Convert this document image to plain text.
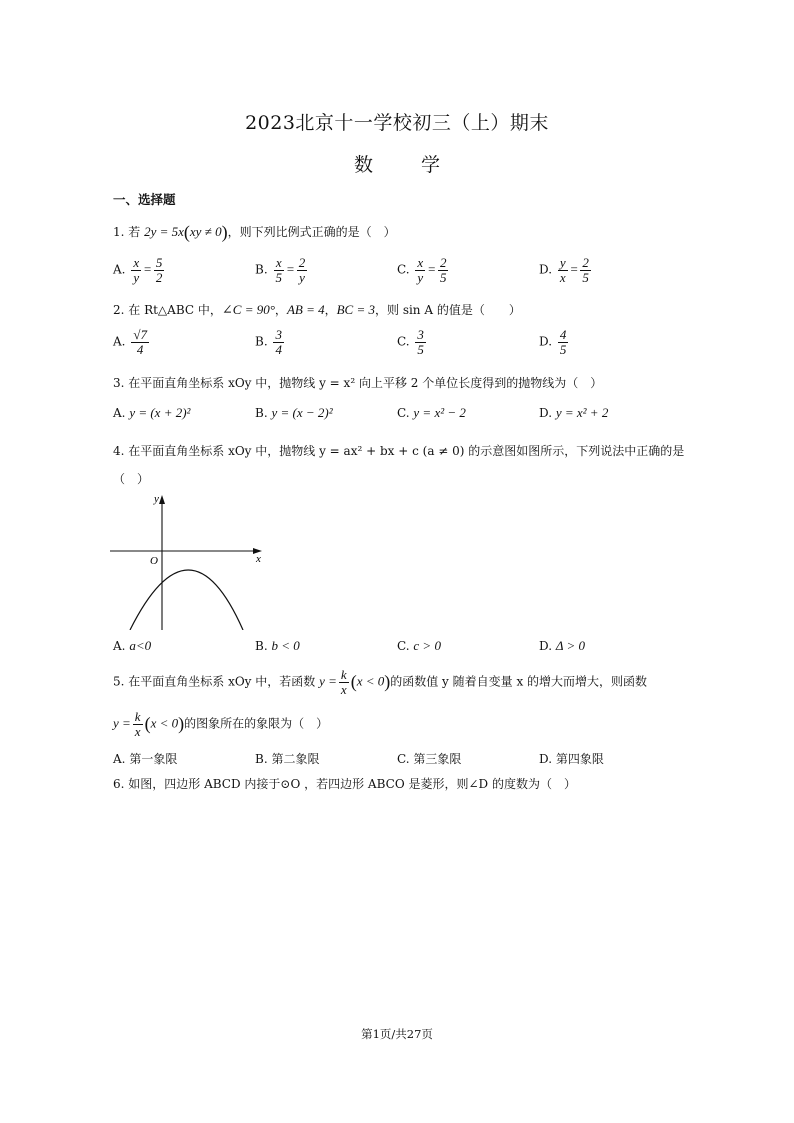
2023北京十一学校初三（上）期末
数	学
一、选择题
1. 若 2y = 5x(xy ≠ 0)，则下列比例式正确的是（　）
A. $\frac{x}{y} = \frac{5}{2}$	B. $\frac{x}{5} = \frac{2}{y}$	C. $\frac{x}{y} = \frac{2}{5}$	D. $\frac{y}{x} = \frac{2}{5}$
2. 在 Rt△ABC 中，∠C = 90°，AB = 4，BC = 3，则 sin A 的值是（　　）
A. $\frac{√7}{4}$	B. $\frac{3}{4}$	C. $\frac{3}{5}$	D. $\frac{4}{5}$
3. 在平面直角坐标系 xOy 中，抛物线 y = x² 向上平移 2 个单位长度得到的抛物线为（　）
A. y = (x + 2)²	B. y = (x − 2)²	C. y = x² − 2	D. y = x² + 2
4. 在平面直角坐标系 xOy 中，抛物线 y = ax² + bx + c (a ≠ 0) 的示意图如图所示，下列说法中正确的是
（　）
y
x
O
A. a<0	B. b < 0	C. c > 0	D. Δ > 0
5. 在平面直角坐标系 xOy 中，若函数 $y = \frac{k}{x} (x < 0)$的函数值 y 随着自变量 x 的增大而增大，则函数
$y = \frac{k}{x} (x < 0)$的图象所在的象限为（　）
A. 第一象限	B. 第二象限	C. 第三象限	D. 第四象限
6. 如图，四边形 ABCD 内接于⊙O ，若四边形 ABCO 是菱形，则∠D 的度数为（　）
第1页/共27页
